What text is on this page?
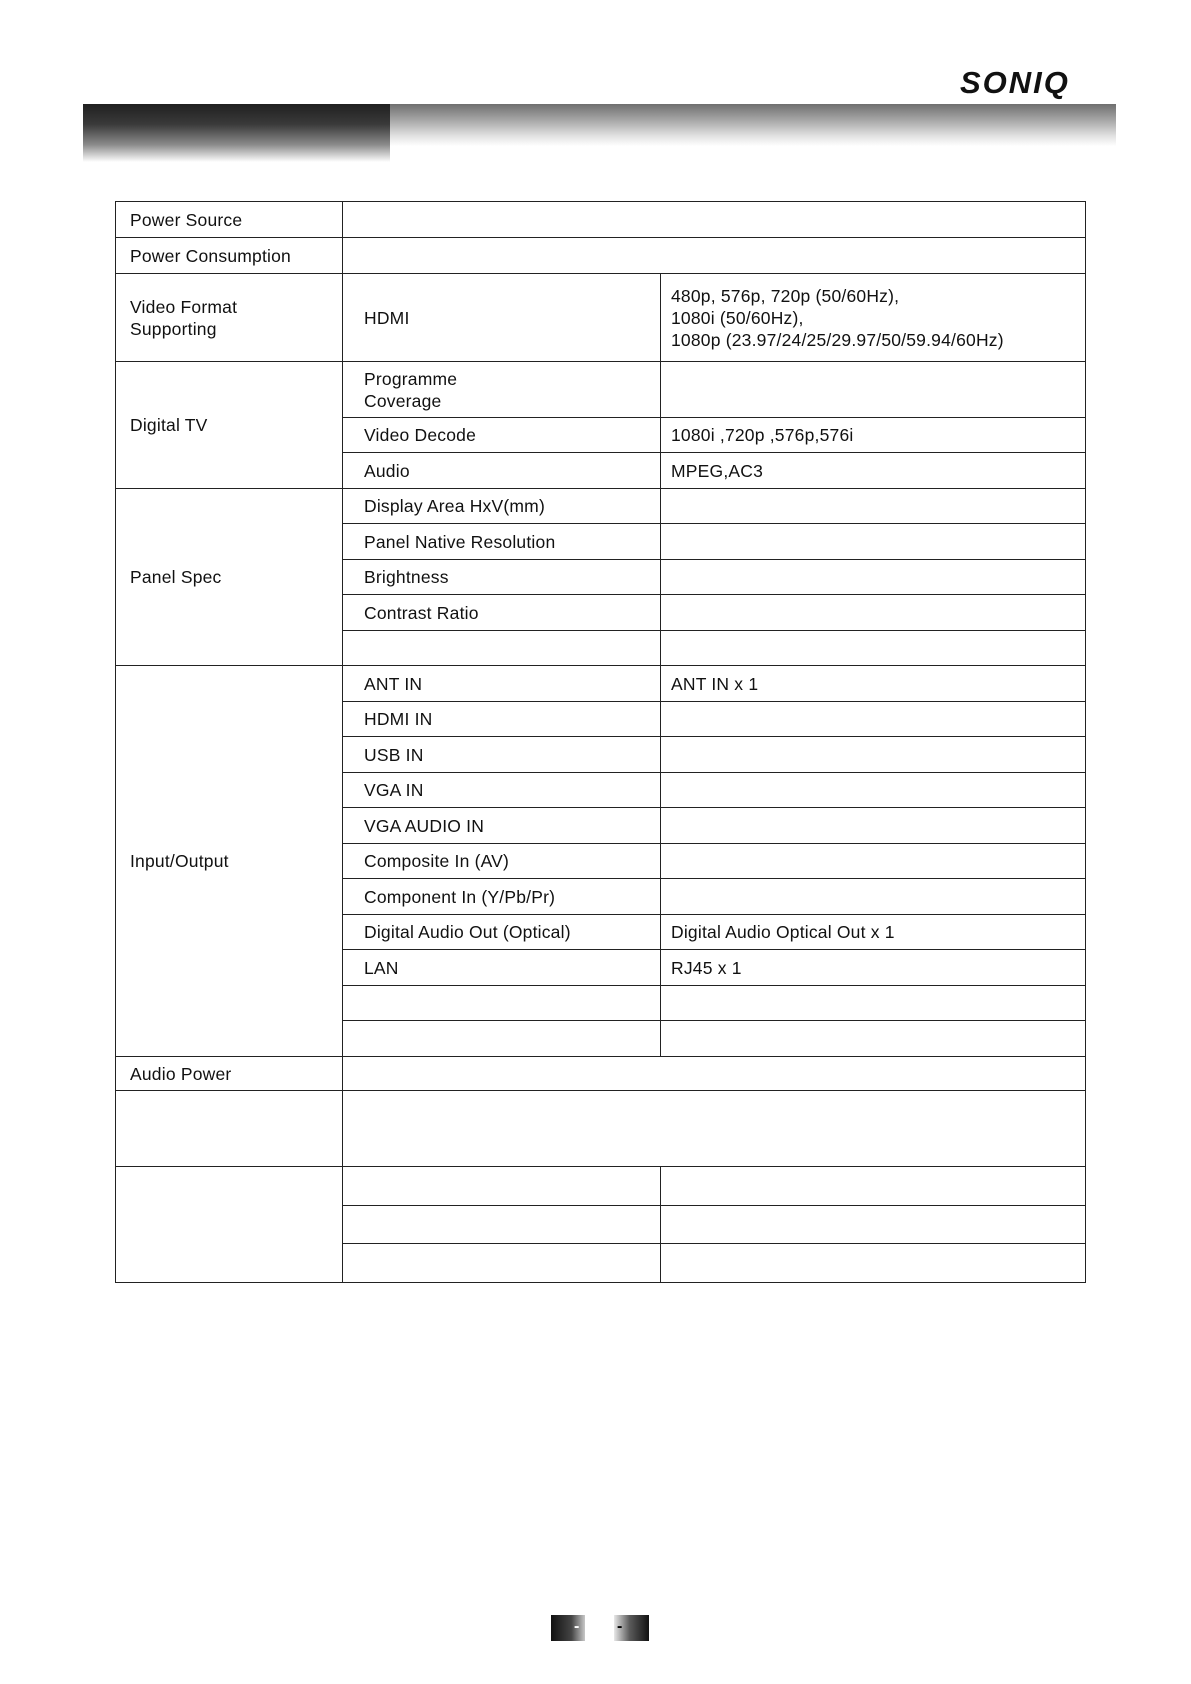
SONIQ
Power Source		
Power Consumption		
Video Format
Supporting	HDMI	480p, 576p, 720p (50/60Hz),
1080i (50/60Hz),
1080p (23.97/24/25/29.97/50/59.94/60Hz)
Digital TV	Programme
Coverage	
	Video Decode	1080i ,720p ,576p,576i
	Audio	MPEG,AC3
Panel Spec	Display Area HxV(mm)	
	Panel Native Resolution	
	Brightness	
	Contrast Ratio	

Input/Output	ANT IN	ANT IN x 1
	HDMI IN	
	USB IN	
	VGA IN	
	VGA AUDIO IN	
	Composite In (AV)	
	Component In (Y/Pb/Pr)	
	Digital Audio Out (Optical)	Digital Audio Optical Out x 1
	LAN	RJ45 x 1

Audio Power		

- -
